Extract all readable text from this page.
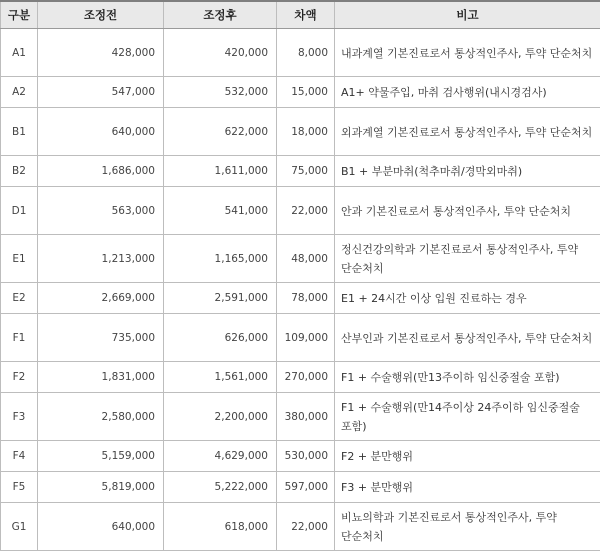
구분	조정전	조정후	차액	비고
A1	428,000	420,000	8,000	내과계열 기본진료로서 통상적인주사, 투약 단순처치
A2	547,000	532,000	15,000	A1+ 약물주입, 마취 검사행위(내시경검사)
B1	640,000	622,000	18,000	외과계열 기본진료로서 통상적인주사, 투약 단순처치
B2	1,686,000	1,611,000	75,000	B1 + 부분마취(척추마취/경막외마취)
D1	563,000	541,000	22,000	안과 기본진료로서 통상적인주사, 투약 단순처치
E1	1,213,000	1,165,000	48,000	정신건강의학과 기본진료로서 통상적인주사, 투약 단순처치
E2	2,669,000	2,591,000	78,000	E1 + 24시간 이상 입원 진료하는 경우
F1	735,000	626,000	109,000	산부인과 기본진료로서 통상적인주사, 투약 단순처치
F2	1,831,000	1,561,000	270,000	F1 + 수술행위(만13주이하 임신중절술 포함)
F3	2,580,000	2,200,000	380,000	F1 + 수술행위(만14주이상 24주이하 임신중절술 포함)
F4	5,159,000	4,629,000	530,000	F2 + 분만행위
F5	5,819,000	5,222,000	597,000	F3 + 분만행위
G1	640,000	618,000	22,000	비뇨의학과 기본진료로서 통상적인주사, 투약 단순처치
